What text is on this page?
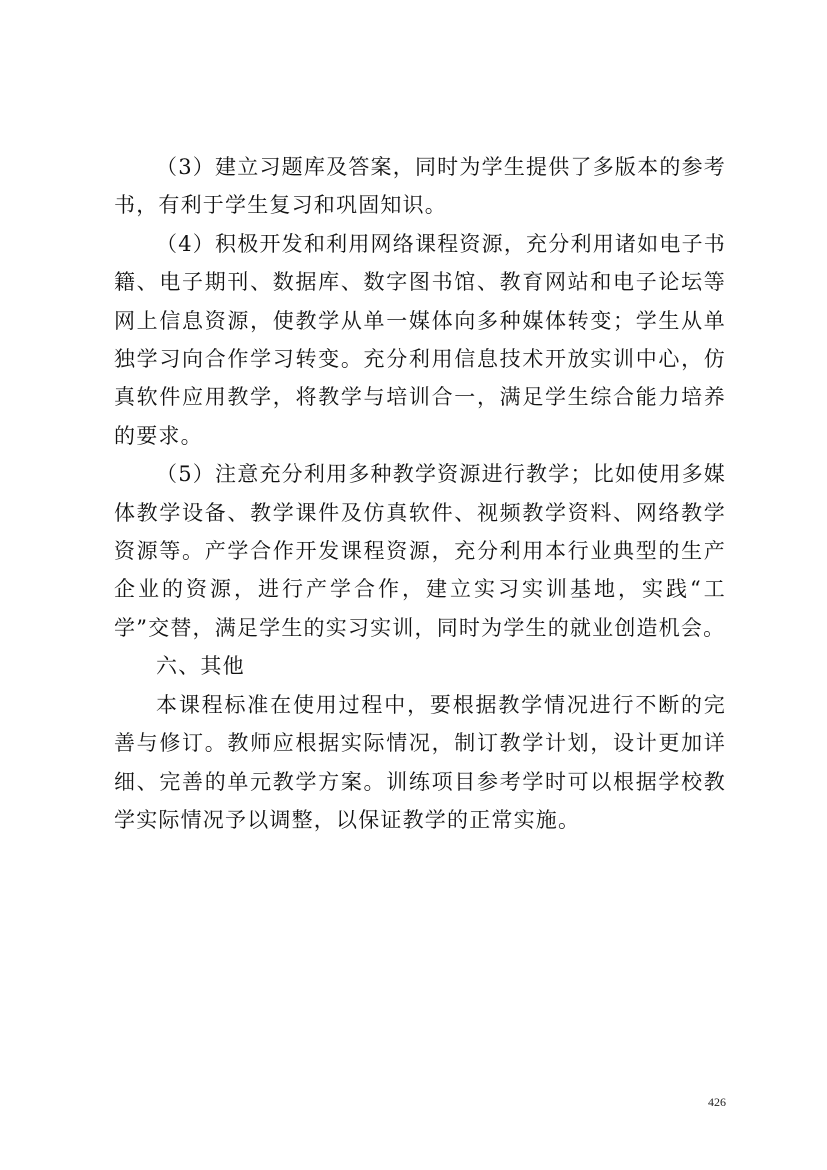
（3）建立习题库及答案，同时为学生提供了多版本的参考书，有利于学生复习和巩固知识。

（4）积极开发和利用网络课程资源，充分利用诸如电子书籍、电子期刊、数据库、数字图书馆、教育网站和电子论坛等网上信息资源，使教学从单一媒体向多种媒体转变；学生从单独学习向合作学习转变。充分利用信息技术开放实训中心，仿真软件应用教学，将教学与培训合一，满足学生综合能力培养的要求。

（5）注意充分利用多种教学资源进行教学；比如使用多媒体教学设备、教学课件及仿真软件、视频教学资料、网络教学资源等。产学合作开发课程资源，充分利用本行业典型的生产企业的资源，进行产学合作，建立实习实训基地，实践“工学”交替，满足学生的实习实训，同时为学生的就业创造机会。

六、其他

本课程标准在使用过程中，要根据教学情况进行不断的完善与修订。教师应根据实际情况，制订教学计划，设计更加详细、完善的单元教学方案。训练项目参考学时可以根据学校教学实际情况予以调整，以保证教学的正常实施。

426
